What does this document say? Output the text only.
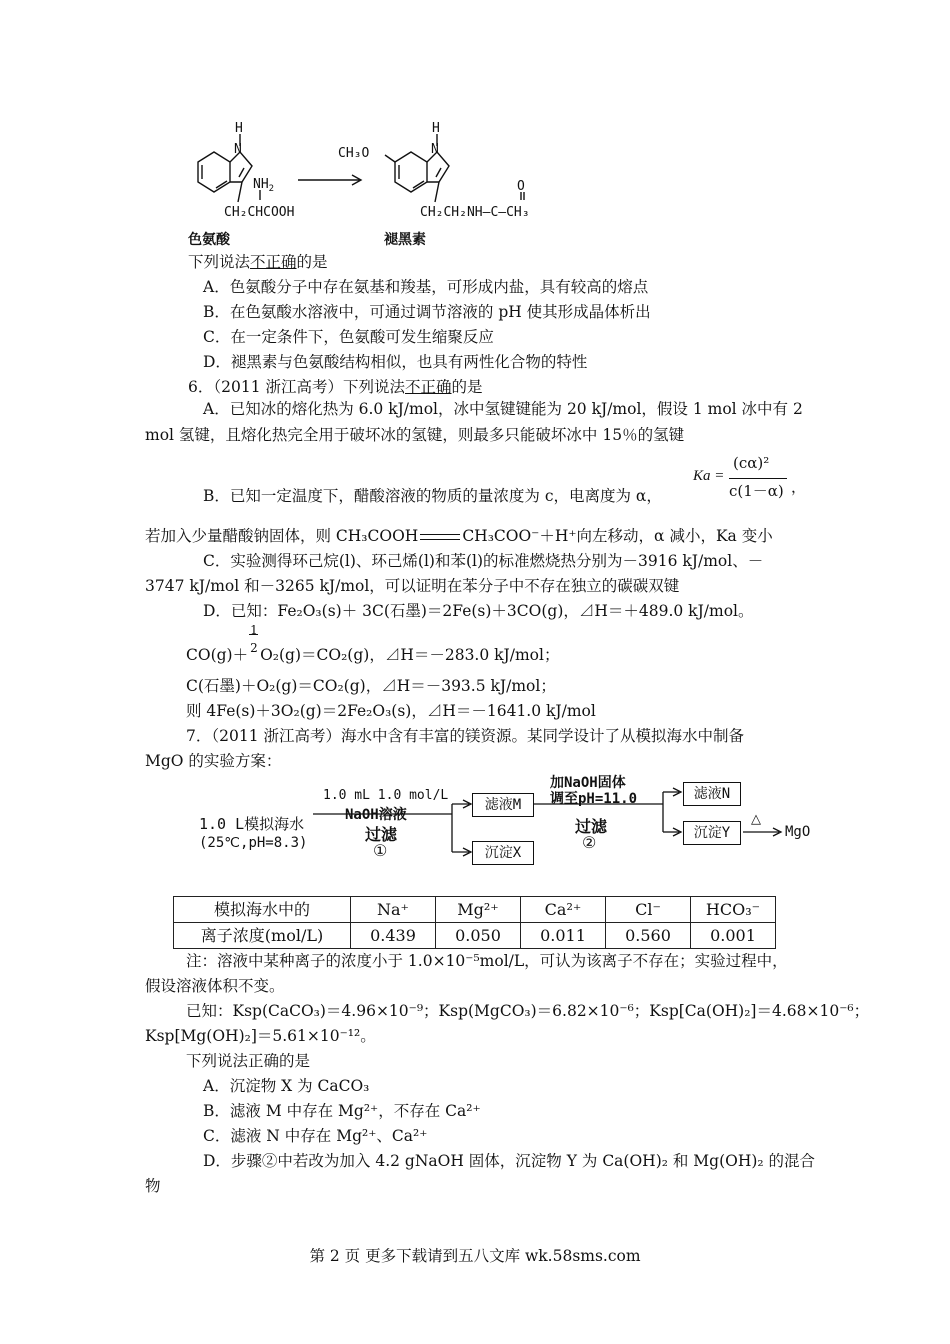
H
N
$NH_2$
CH₂CHCOOH
CH₃O
H
N
O
CH₂CH₂NH–C–CH₃
色氨酸	褪黑素
下列说法不正确的是
A．色氨酸分子中存在氨基和羧基，可形成内盐，具有较高的熔点
B．在色氨酸水溶液中，可通过调节溶液的 pH 使其形成晶体析出
C．在一定条件下，色氨酸可发生缩聚反应
D．褪黑素与色氨酸结构相似，也具有两性化合物的特性
6．（2011 浙江高考）下列说法不正确的是
A．已知冰的熔化热为 6.0 kJ/mol，冰中氢键键能为 20 kJ/mol，假设 1 mol 冰中有 2 mol 氢键，且熔化热完全用于破坏冰的氢键，则最多只能破坏冰中 15％的氢键
B．已知一定温度下，醋酸溶液的物质的量浓度为 c，电离度为 α，
Ka =
(cα)²
c(1－α) ，
若加入少量醋酸钠固体，则 CH₃COOH	CH₃COO⁻＋H⁺向左移动，α 减小，Ka 变小
C．实验测得环己烷(l)、环己烯(l)和苯(l)的标准燃烧热分别为－3916 kJ/mol、－
3747 kJ/mol 和－3265 kJ/mol，可以证明在苯分子中不存在独立的碳碳双键
D．已知：Fe₂O₃(s)＋ 3C(石墨)＝2Fe(s)＋3CO(g)，⊿H＝＋489.0 kJ/mol。
$CO(g)+ \frac{1}{2} O_2(g)=CO_2(g)$，⊿H＝－283.0 kJ/mol；
C(石墨)＋O₂(g)＝CO₂(g)，⊿H＝－393.5 kJ/mol；
则 4Fe(s)＋3O₂(g)＝2Fe₂O₃(s)，⊿H＝－1641.0 kJ/mol
7．（2011 浙江高考）海水中含有丰富的镁资源。某同学设计了从模拟海水中制备
MgO 的实验方案：
1.0 L模拟海水
(25℃,pH=8.3)
1.0 mL 1.0 mol/L
NaOH溶液
过滤
①
滤液M
沉淀X
加NaOH固体
调至pH=11.0
过滤
②
滤液N
沉淀Y
△
MgO
模拟海水中的	Na⁺	Mg²⁺	Ca²⁺	Cl⁻	HCO₃⁻
离子浓度(mol/L)	0.439	0.050	0.011	0.560	0.001
注：溶液中某种离子的浓度小于 1.0×10⁻⁵mol/L，可认为该离子不存在；实验过程中，
假设溶液体积不变。
已知：Ksp(CaCO₃)＝4.96×10⁻⁹；Ksp(MgCO₃)＝6.82×10⁻⁶；Ksp[Ca(OH)₂]＝4.68×10⁻⁶；
Ksp[Mg(OH)₂]＝5.61×10⁻¹²。
下列说法正确的是
A．沉淀物 X 为 CaCO₃
B．滤液 M 中存在 Mg²⁺，不存在 Ca²⁺
C．滤液 N 中存在 Mg²⁺、Ca²⁺
D．步骤②中若改为加入 4.2 gNaOH 固体，沉淀物 Y 为 Ca(OH)₂ 和 Mg(OH)₂ 的混合
物
第 2 页 更多下载请到五八文库 wk.58sms.com
